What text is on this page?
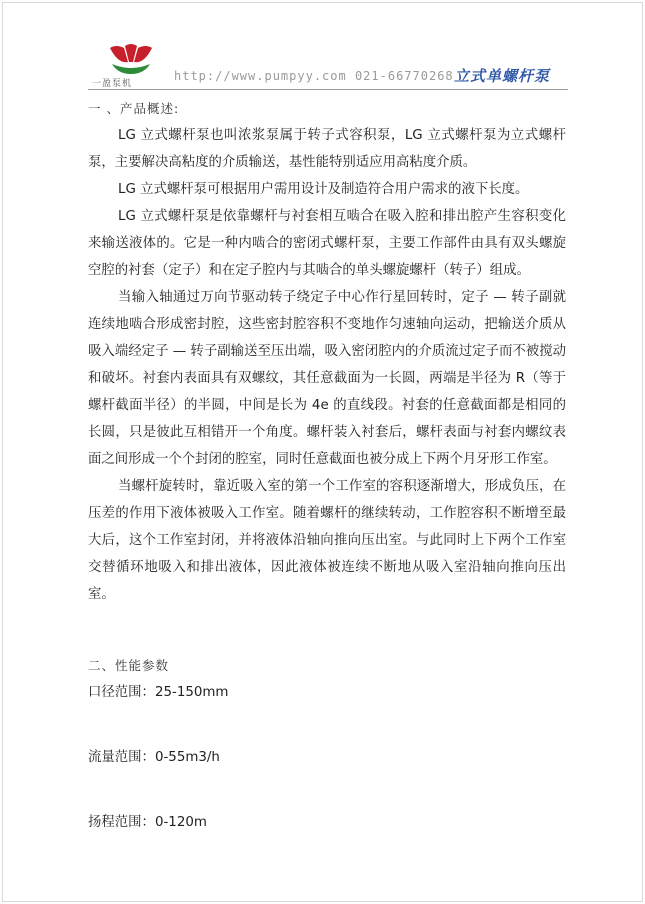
一盈泵机
http://www.pumpyy.com 021-66770268 立式单螺杆泵

一 、产品概述:

LG 立式螺杆泵也叫浓浆泵属于转子式容积泵，LG 立式螺杆泵为立式螺杆泵，主要解决高粘度的介质输送，基性能特别适应用高粘度介质。

LG 立式螺杆泵可根据用户需用设计及制造符合用户需求的液下长度。

LG 立式螺杆泵是依靠螺杆与衬套相互啮合在吸入腔和排出腔产生容积变化来输送液体的。它是一种内啮合的密闭式螺杆泵，主要工作部件由具有双头螺旋空腔的衬套（定子）和在定子腔内与其啮合的单头螺旋螺杆（转子）组成。

当输入轴通过万向节驱动转子绕定子中心作行星回转时，定子 — 转子副就连续地啮合形成密封腔，这些密封腔容积不变地作匀速轴向运动，把输送介质从吸入端经定子 — 转子副输送至压出端，吸入密闭腔内的介质流过定子而不被搅动和破坏。衬套内表面具有双螺纹，其任意截面为一长圆，两端是半径为 R（等于螺杆截面半径）的半圆，中间是长为 4e 的直线段。衬套的任意截面都是相同的长圆，只是彼此互相错开一个角度。螺杆装入衬套后，螺杆表面与衬套内螺纹表面之间形成一个个封闭的腔室，同时任意截面也被分成上下两个月牙形工作室。

当螺杆旋转时，靠近吸入室的第一个工作室的容积逐渐增大，形成负压，在压差的作用下液体被吸入工作室。随着螺杆的继续转动，工作腔容积不断增至最大后，这个工作室封闭，并将液体沿轴向推向压出室。与此同时上下两个工作室交替循环地吸入和排出液体，因此液体被连续不断地从吸入室沿轴向推向压出室。

二、性能参数

口径范围：25-150mm

流量范围：0-55m3/h

扬程范围：0-120m
